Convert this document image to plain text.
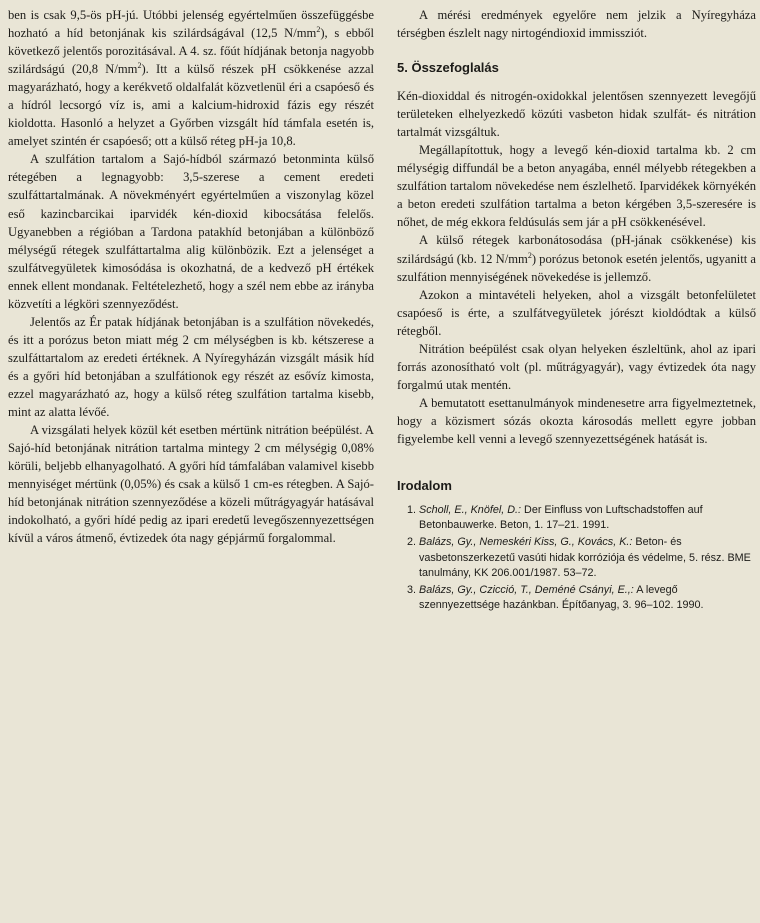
ben is csak 9,5-ös pH-jú. Utóbbi jelenség egyértelműen összefüggésbe hozható a híd betonjának kis szilárdságával (12,5 $N/mm^2$), s ebből következő jelentős porozitásával. A 4. sz. főút hídjának betonja nagyobb szilárdságú (20,8 $N/mm^2$). Itt a külső részek pH csökkenése azzal magyarázható, hogy a kerékvető oldalfalát közvetlenül éri a csapóeső és a hídról lecsorgó víz is, ami a kalcium-hidroxid fázis egy részét kioldotta. Hasonló a helyzet a Győrben vizsgált híd támfala esetén is, amelyet szintén ér csapóeső; ott a külső réteg pH-ja 10,8.

A szulfátion tartalom a Sajó-hídból származó betonminta külső rétegében a legnagyobb: 3,5-szerese a cement eredeti szulfáttartalmának. A növekményért egyértelműen a viszonylag közel eső kazincbarcikai iparvidék kén-dioxid kibocsátása felelős. Ugyanebben a régióban a Tardona patakhíd betonjában a különböző mélységű rétegek szulfáttartalma alig különbözik. Ezt a jelenséget a szulfátvegyületek kimosódása is okozhatná, de a kedvező pH értékek ennek ellent mondanak. Feltételezhető, hogy a szél nem ebbe az irányba közvetíti a légköri szennyeződést.

Jelentős az Ér patak hídjának betonjában is a szulfátion növekedés, és itt a porózus beton miatt még 2 cm mélységben is kb. kétszerese a szulfáttartalom az eredeti értéknek. A Nyíregyházán vizsgált másik híd és a győri híd betonjában a szulfátionok egy részét az esővíz kimosta, ezzel magyarázható az, hogy a külső réteg szulfátion tartalma kisebb, mint az alatta lévőé.

A vizsgálati helyek közül két esetben mértünk nitrátion beépülést. A Sajó-híd betonjának nitrátion tartalma mintegy 2 cm mélységig 0,08% körüli, beljebb elhanyagolható. A győri híd támfalában valamivel kisebb mennyiséget mértünk (0,05%) és csak a külső 1 cm-es rétegben. A Sajó-híd betonjának nitrátion szennyeződése a közeli műtrágyagyár hatásával indokolható, a győri hídé pedig az ipari eredetű levegőszennyezettségen kívül a város átmenő, évtizedek óta nagy gépjármű forgalommal.

A mérési eredmények egyelőre nem jelzik a Nyíregyháza térségben észlelt nagy nirtogéndioxid immissziót.

5. Összefoglalás

Kén-dioxiddal és nitrogén-oxidokkal jelentősen szennyezett levegőjű területeken elhelyezkedő közúti vasbeton hidak szulfát- és nitrátion tartalmát vizsgáltuk.

Megállapítottuk, hogy a levegő kén-dioxid tartalma kb. 2 cm mélységig diffundál be a beton anyagába, ennél mélyebb rétegekben a szulfátion tartalom növekedése nem észlelhető. Iparvidékek környékén a beton eredeti szulfátion tartalma a beton kérgében 3,5-szeresére is nőhet, de még ekkora feldúsulás sem jár a pH csökkenésével.

A külső rétegek karbonátosodása (pH-jának csökkenése) kis szilárdságú (kb. 12 $N/mm^2$) porózus betonok esetén jelentős, ugyanitt a szulfátion mennyiségének növekedése is jellemző.

Azokon a mintavételi helyeken, ahol a vizsgált betonfelületet csapóeső is érte, a szulfátvegyületek jórészt kioldódtak a külső rétegből.

Nitrátion beépülést csak olyan helyeken észleltünk, ahol az ipari forrás azonosítható volt (pl. műtrágyagyár), vagy évtizedek óta nagy forgalmú utak mentén.

A bemutatott esettanulmányok mindenesetre arra figyelmeztetnek, hogy a közismert sózás okozta károsodás mellett egyre jobban figyelembe kell venni a levegő szennyezettségének hatását is.

Irodalom
1. Scholl, E., Knöfel, D.: Der Einfluss von Luftschadstoffen auf Betonbauwerke. Beton, 1. 17–21. 1991.
2. Balázs, Gy., Nemeskéri Kiss, G., Kovács, K.: Beton- és vasbetonszerkezetű vasúti hidak korróziója és védelme, 5. rész. BME tanulmány, KK 206.001/1987. 53–72.
3. Balázs, Gy., Czicció, T., Deméné Csányi, E.,: A levegő szennyezettsége hazánkban. Építőanyag, 3. 96–102. 1990.
